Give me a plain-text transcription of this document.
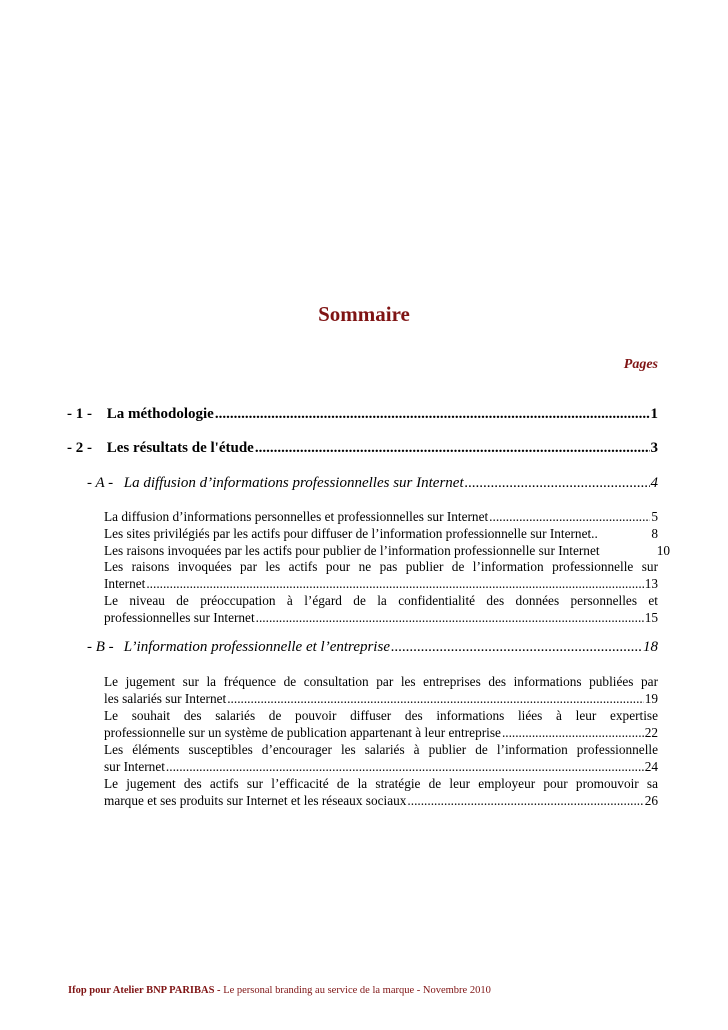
Sommaire
Pages
- 1 - La méthodologie .....	1
- 2 - Les résultats de l'étude .....	3
- A - La diffusion d’informations professionnelles sur Internet .....	4
La diffusion d’informations personnelles et professionnelles sur Internet .....	5
Les sites privilégiés par les actifs pour diffuser de l’information professionnelle sur Internet..	8
Les raisons invoquées par les actifs pour publier de l’information professionnelle sur Internet	10
Les raisons invoquées par les actifs pour ne pas publier de l’information professionnelle sur
Internet .....	13
Le niveau de préoccupation à l’égard de la confidentialité des données personnelles et
professionnelles sur Internet .....	15
- B - L’information professionnelle et l’entreprise .....	18
Le jugement sur la fréquence de consultation par les entreprises des informations publiées par
les salariés sur Internet .....	19
Le souhait des salariés de pouvoir diffuser des informations liées à leur expertise
professionnelle sur un système de publication appartenant à leur entreprise .....	22
Les éléments susceptibles d’encourager les salariés à publier de l’information professionnelle
sur Internet .....	24
Le jugement des actifs sur l’efficacité de la stratégie de leur employeur pour promouvoir sa
marque et ses produits sur Internet et les réseaux sociaux .....	26
Ifop pour Atelier BNP PARIBAS - Le personal branding au service de la marque - Novembre 2010
